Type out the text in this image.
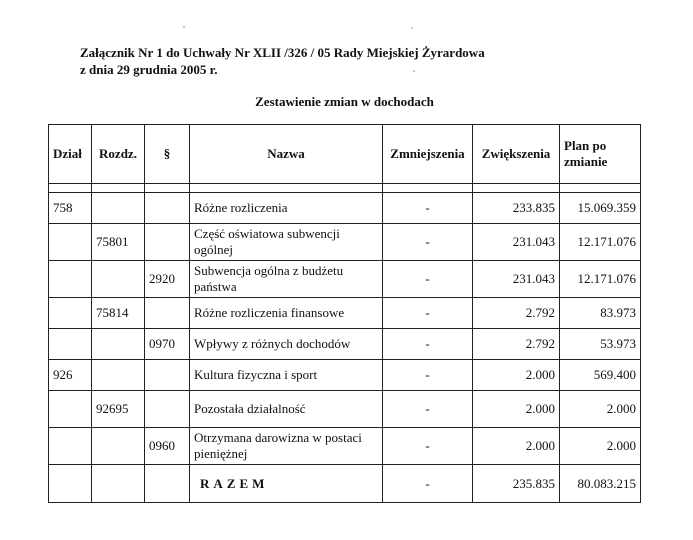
Załącznik Nr 1 do Uchwały Nr XLII /326 / 05 Rady Miejskiej Żyrardowa
z dnia 29 grudnia 2005 r.
Zestawienie zmian w dochodach
Dział	Rozdz.	§	Nazwa	Zmniejszenia	Zwiększenia	Plan po
zmianie

758			Różne rozliczenia	-	233.835	15.069.359
	75801		Część oświatowa subwencji ogólnej	-	231.043	12.171.076
		2920	Subwencja ogólna z budżetu państwa	-	231.043	12.171.076
	75814		Różne rozliczenia finansowe	-	2.792	83.973
		0970	Wpływy z różnych dochodów	-	2.792	53.973
926			Kultura fizyczna i sport	-	2.000	569.400
	92695		Pozostała działalność	-	2.000	2.000
		0960	Otrzymana darowizna w postaci pieniężnej	-	2.000	2.000
			RAZEM	-	235.835	80.083.215
